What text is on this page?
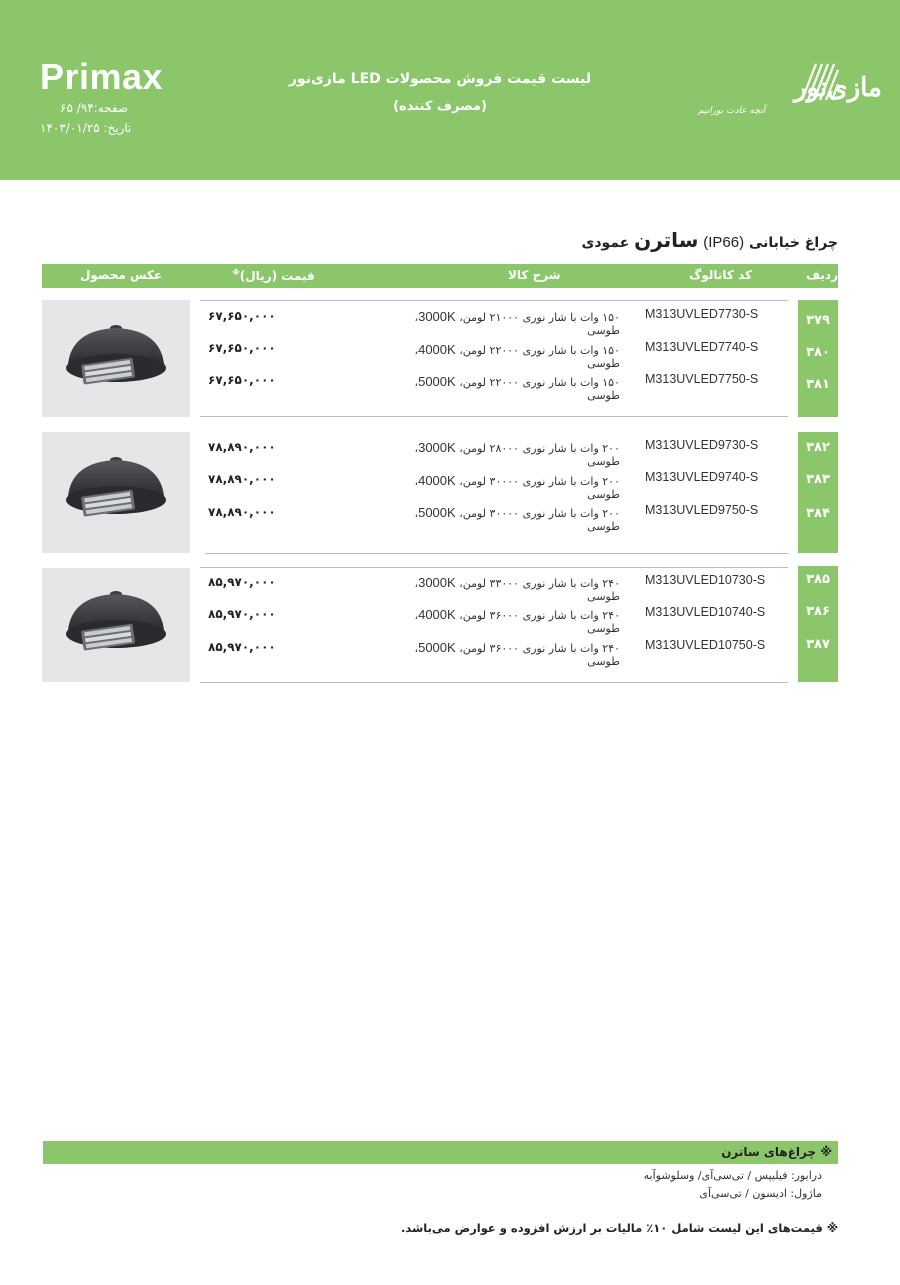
Primax
صفحه:۹۴/ ۶۵
تاریخ: ۱۴۰۳/۰۱/۲۵
لیست قیمت فروش محصولات LED مازی‌نور
(مصرف کننده)
مازی‌نور
آنچه عادت بورانیم
چراغ خیابانی (IP66) ساترن عمودی
ردیف
کد کاتالوگ
شرح کالا
قیمت (ریال)※
عکس محصول
۳۷۹
M313UVLED7730-S
۱۵۰ وات با شار نوری ۲۱۰۰۰ لومن، 3000K، طوسی
۶۷,۶۵۰,۰۰۰
۳۸۰
M313UVLED7740-S
۱۵۰ وات با شار نوری ۲۲۰۰۰ لومن، 4000K، طوسی
۶۷,۶۵۰,۰۰۰
۳۸۱
M313UVLED7750-S
۱۵۰ وات با شار نوری ۲۲۰۰۰ لومن، 5000K، طوسی
۶۷,۶۵۰,۰۰۰
۳۸۲
M313UVLED9730-S
۲۰۰ وات با شار نوری ۲۸۰۰۰ لومن، 3000K، طوسی
۷۸,۸۹۰,۰۰۰
۳۸۳
M313UVLED9740-S
۲۰۰ وات با شار نوری ۳۰۰۰۰ لومن، 4000K، طوسی
۷۸,۸۹۰,۰۰۰
۳۸۴
M313UVLED9750-S
۲۰۰ وات با شار نوری ۳۰۰۰۰ لومن، 5000K، طوسی
۷۸,۸۹۰,۰۰۰
۳۸۵
M313UVLED10730-S
۲۴۰ وات با شار نوری ۳۳۰۰۰ لومن، 3000K، طوسی
۸۵,۹۷۰,۰۰۰
۳۸۶
M313UVLED10740-S
۲۴۰ وات با شار نوری ۳۶۰۰۰ لومن، 4000K، طوسی
۸۵,۹۷۰,۰۰۰
۳۸۷
M313UVLED10750-S
۲۴۰ وات با شار نوری ۳۶۰۰۰ لومن، 5000K، طوسی
۸۵,۹۷۰,۰۰۰
※ چراغ‌های ساترن
درایور: فیلیپس / تی‌سی‌آی/ وسلوشوآبه
ماژول: ادیسون / تی‌سی‌آی
※ قیمت‌های این لیست شامل ۱۰٪ مالیات بر ارزش افزوده و عوارض می‌باشد.
